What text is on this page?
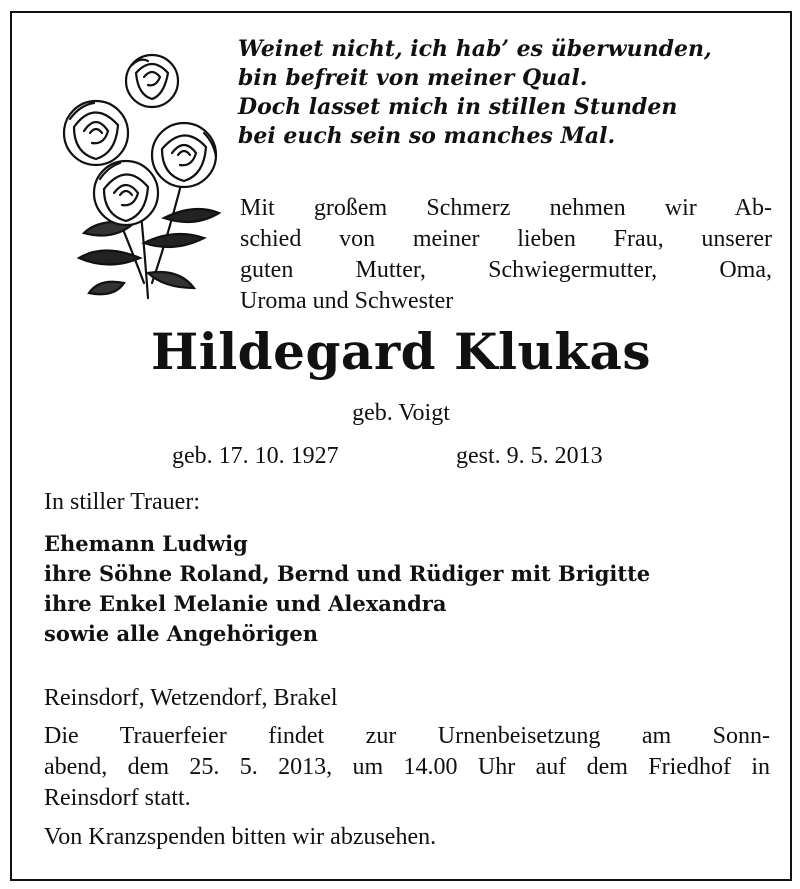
Weinet nicht, ich hab’ es überwunden,
bin befreit von meiner Qual.
Doch lasset mich in stillen Stunden
bei euch sein so manches Mal.
Mit großem Schmerz nehmen wir Ab-
schied von meiner lieben Frau, unserer
guten Mutter, Schwiegermutter, Oma,
Uroma und Schwester
Hildegard Klukas
geb. Voigt
geb. 17. 10. 1927	gest. 9. 5. 2013
In stiller Trauer:
Ehemann Ludwig
ihre Söhne Roland, Bernd und Rüdiger mit Brigitte
ihre Enkel Melanie und Alexandra
sowie alle Angehörigen
Reinsdorf, Wetzendorf, Brakel
Die Trauerfeier findet zur Urnenbeisetzung am Sonn-
abend, dem 25. 5. 2013, um 14.00 Uhr auf dem Friedhof in
Reinsdorf statt.
Von Kranzspenden bitten wir abzusehen.
